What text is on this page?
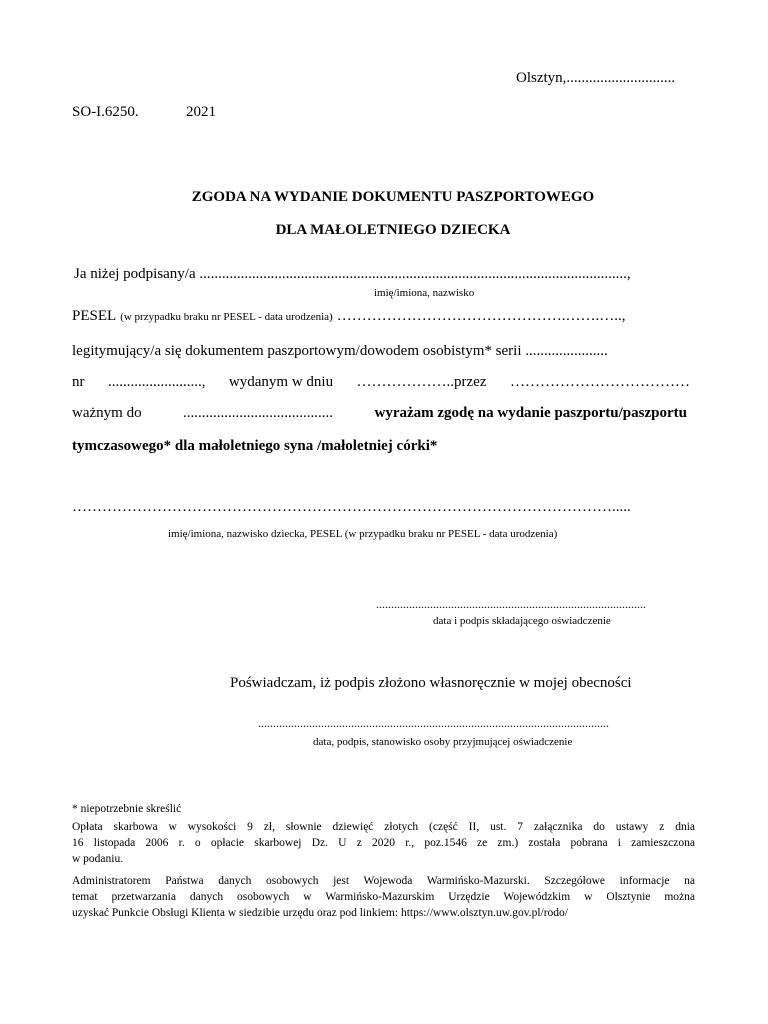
Olsztyn,.............................
SO-I.6250.	2021
ZGODA NA WYDANIE DOKUMENTU PASZPORTOWEGO
DLA MAŁOLETNIEGO DZIECKA
Ja niżej podpisany/a ..................................................................................................................,
imię/imiona, nazwisko
PESEL (w przypadku braku nr PESEL - data urodzenia) ……………………………………….…….…..,
legitymujący/a się dokumentem paszportowym/dowodem osobistym* serii ......................
nr ........................., wydanym w dniu ………………..przez ………………………………
ważnym do	........................................	wyrażam zgodę na wydanie paszportu/paszportu
tymczasowego* dla małoletniego syna /małoletniej córki*
……………………………………………………………………………………………….....
imię/imiona, nazwisko dziecka, PESEL (w przypadku braku nr PESEL - data urodzenia)
..........................................................................................
data i podpis składającego oświadczenie
Poświadczam, iż podpis złożono własnoręcznie w mojej obecności
.....................................................................................................................
data, podpis, stanowisko osoby przyjmującej oświadczenie
* niepotrzebnie skreślić
Opłata skarbowa w wysokości 9 zł, słownie dziewięć złotych (część II, ust. 7 załącznika do ustawy z dnia
16 listopada 2006 r. o opłacie skarbowej Dz. U z 2020 r., poz.1546 ze zm.) została pobrana i zamieszczona
w podaniu.
Administratorem Państwa danych osobowych jest Wojewoda Warmińsko-Mazurski. Szczegółowe informacje na
temat przetwarzania danych osobowych w Warmińsko-Mazurskim Urzędzie Wojewódzkim w Olsztynie można
uzyskać Punkcie Obsługi Klienta w siedzibie urzędu oraz pod linkiem: https://www.olsztyn.uw.gov.pl/rodo/
